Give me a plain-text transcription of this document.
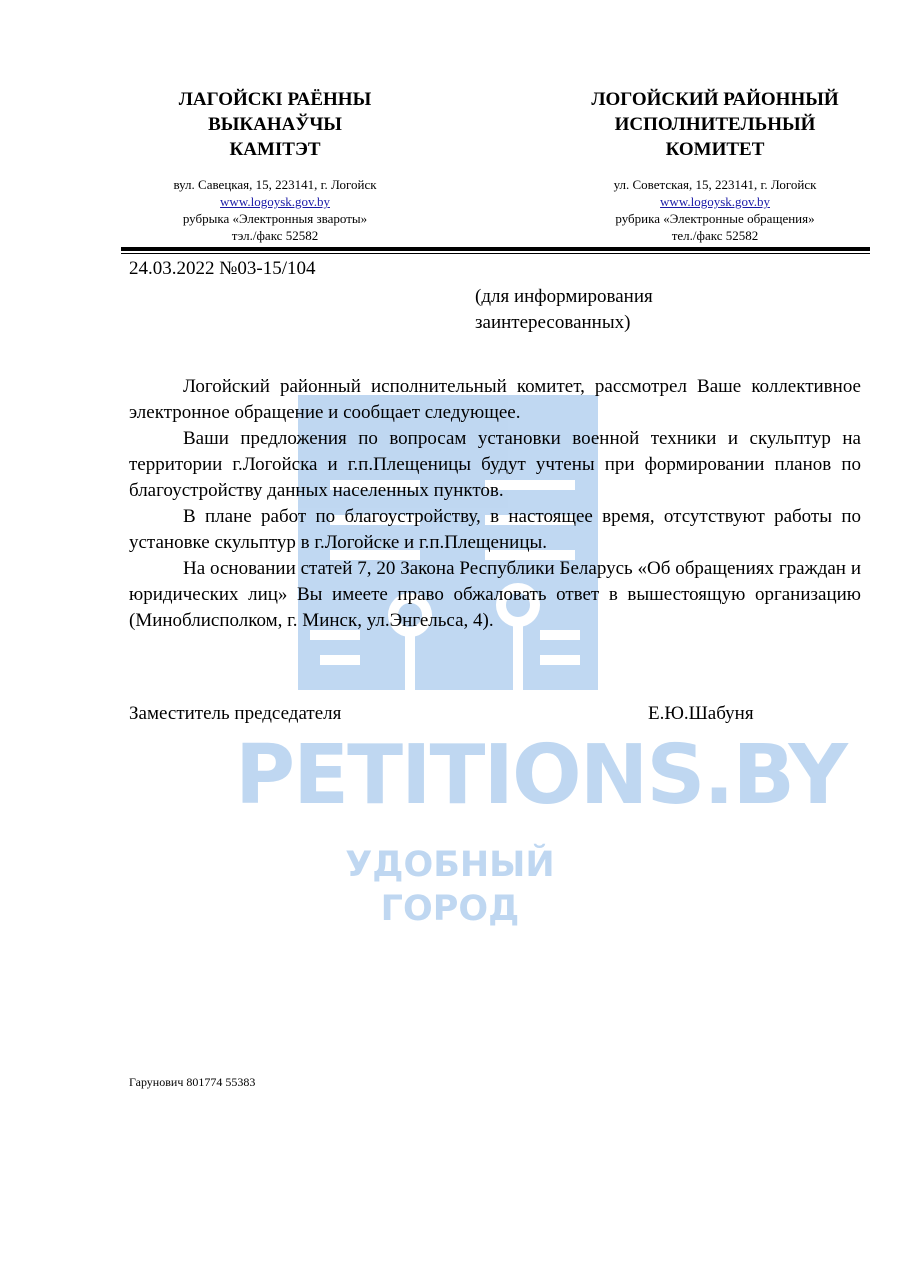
PETITIONS.BY
УДОБНЫЙ ГОРОД
ЛАГОЙСКІ РАЁННЫ
ВЫКАНАЎЧЫ
КАМІТЭТ
вул. Савецкая, 15, 223141, г. Логойск
www.logoysk.gov.by
рубрыка «Электронныя звароты»
тэл./факс 52582
ЛОГОЙСКИЙ РАЙОННЫЙ
ИСПОЛНИТЕЛЬНЫЙ
КОМИТЕТ
ул. Советская, 15, 223141, г. Логойск
www.logoysk.gov.by
рубрика «Электронные обращения»
тел./факс 52582
24.03.2022 №03-15/104
(для информирования
заинтересованных)

Логойский районный исполнительный комитет, рассмотрел Ваше коллективное электронное обращение и сообщает следующее.

Ваши предложения по вопросам установки военной техники и скульптур на территории г.Логойска и г.п.Плещеницы будут учтены при формировании планов по благоустройству данных населенных пунктов.

В плане работ по благоустройству, в настоящее время, отсутствуют работы по установке скульптур в г.Логойске и г.п.Плещеницы.

На основании статей 7, 20 Закона Республики Беларусь «Об обращениях граждан и юридических лиц» Вы имеете право обжаловать ответ в вышестоящую организацию (Миноблисполком, г. Минск, ул.Энгельса, 4).

Заместитель председателя	Е.Ю.Шабуня
Гарунович 801774 55383
